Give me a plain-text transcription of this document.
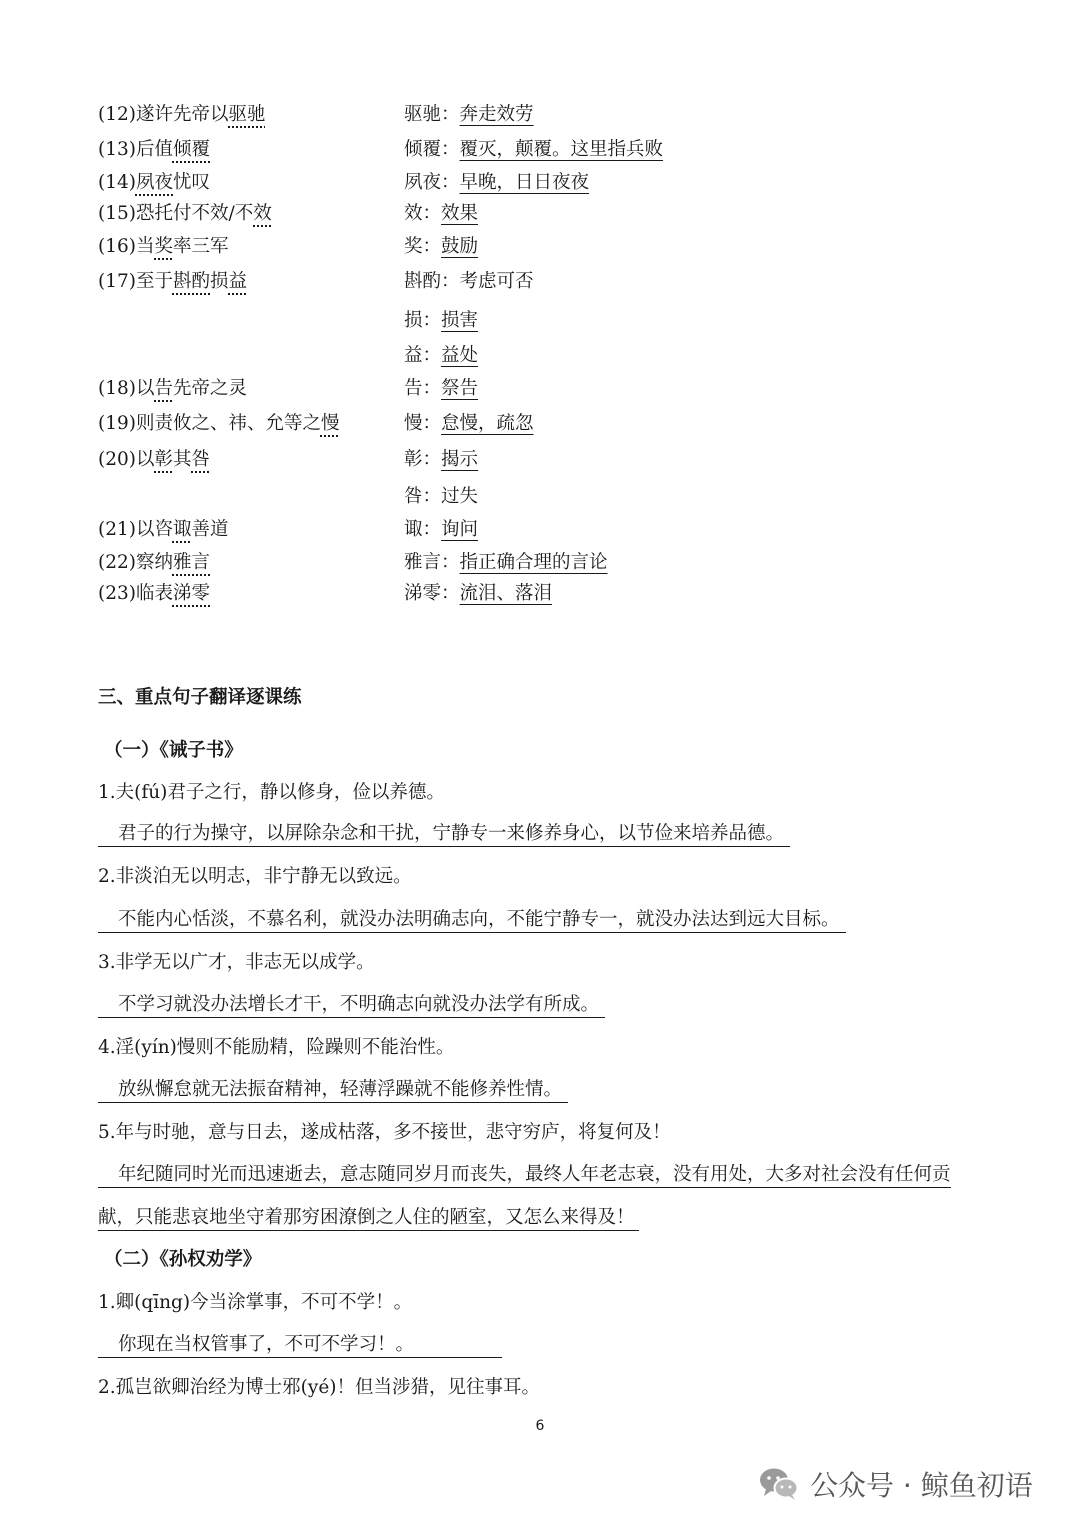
(12)遂许先帝以驱驰	驱驰：奔走效劳
(13)后值倾覆	倾覆：覆灭，颠覆。这里指兵败
(14)夙夜忧叹	夙夜：早晚，日日夜夜
(15)恐托付不效/不效	效：效果
(16)当奖率三军	奖：鼓励
(17)至于斟酌损益	斟酌：考虑可否
损：损害
益：益处
(18)以告先帝之灵	告：祭告
(19)则责攸之、祎、允等之慢	慢：怠慢，疏忽
(20)以彰其咎	彰：揭示
咎：过失
(21)以咨诹善道	诹：询问
(22)察纳雅言	雅言：指正确合理的言论
(23)临表涕零	涕零：流泪、落泪
三、重点句子翻译逐课练
（一）《诫子书》
1.夫(fú)君子之行，静以修身，俭以养德。
君子的行为操守，以屏除杂念和干扰，宁静专一来修养身心，以节俭来培养品德。
2.非淡泊无以明志，非宁静无以致远。
不能内心恬淡，不慕名利，就没办法明确志向，不能宁静专一，就没办法达到远大目标。
3.非学无以广才，非志无以成学。
不学习就没办法增长才干，不明确志向就没办法学有所成。
4.淫(yín)慢则不能励精，险躁则不能治性。
放纵懈怠就无法振奋精神，轻薄浮躁就不能修养性情。
5.年与时驰，意与日去，遂成枯落，多不接世，悲守穷庐，将复何及！
年纪随同时光而迅速逝去，意志随同岁月而丧失，最终人年老志衰，没有用处，大多对社会没有任何贡
献，只能悲哀地坐守着那穷困潦倒之人住的陋室，又怎么来得及！
（二）《孙权劝学》
1.卿(qīng)今当涂掌事，不可不学！。
你现在当权管事了，不可不学习！。
2.孤岂欲卿治经为博士邪(yé)！但当涉猎，见往事耳。
6
公众号 · 鲸鱼初语
